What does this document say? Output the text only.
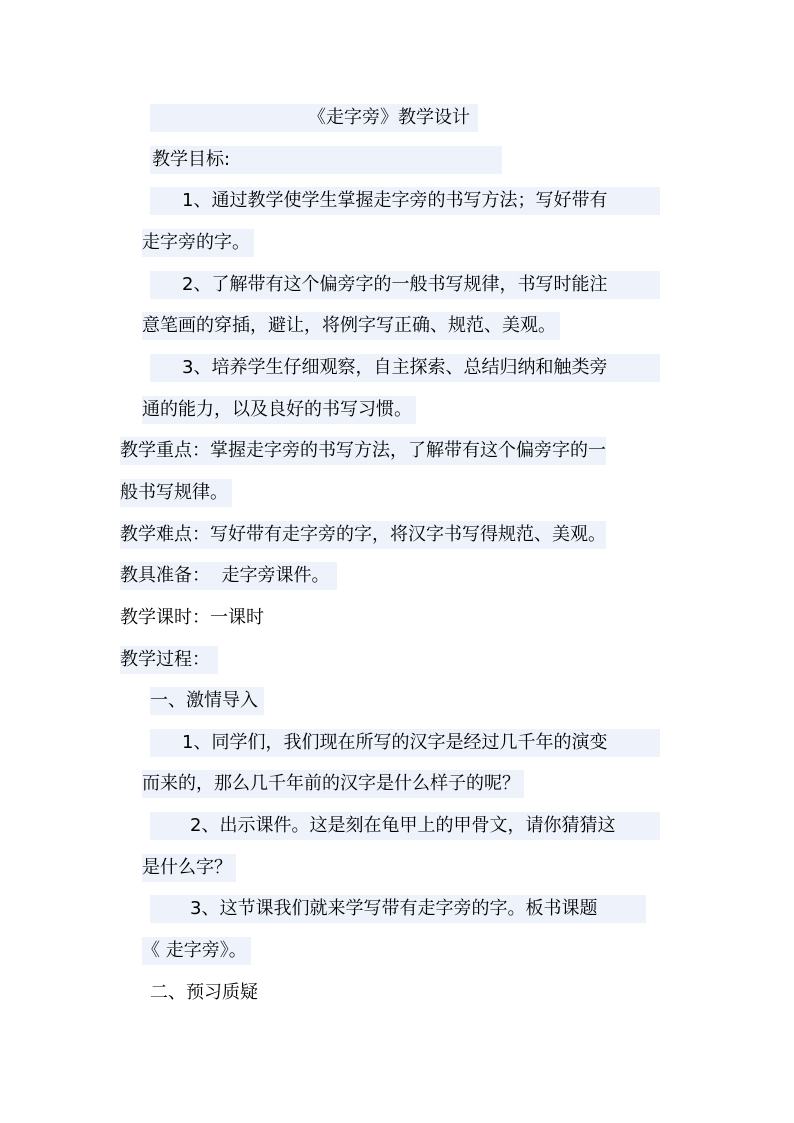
《走字旁》教学设计
教学目标:
1、通过教学使学生掌握走字旁的书写方法；写好带有
走字旁的字。
2、了解带有这个偏旁字的一般书写规律，书写时能注
意笔画的穿插，避让，将例字写正确、规范、美观。
3、培养学生仔细观察，自主探索、总结归纳和触类旁
通的能力，以及良好的书写习惯。
教学重点：掌握走字旁的书写方法，了解带有这个偏旁字的一
般书写规律。
教学难点：写好带有走字旁的字，将汉字书写得规范、美观。
教具准备：  走字旁课件。
教学课时：一课时
教学过程：
一、激情导入
1、同学们，我们现在所写的汉字是经过几千年的演变
而来的，那么几千年前的汉字是什么样子的呢？
2、出示课件。这是刻在龟甲上的甲骨文，请你猜猜这
是什么字？
3、这节课我们就来学写带有走字旁的字。板书课题
《 走字旁》。
二、预习质疑
